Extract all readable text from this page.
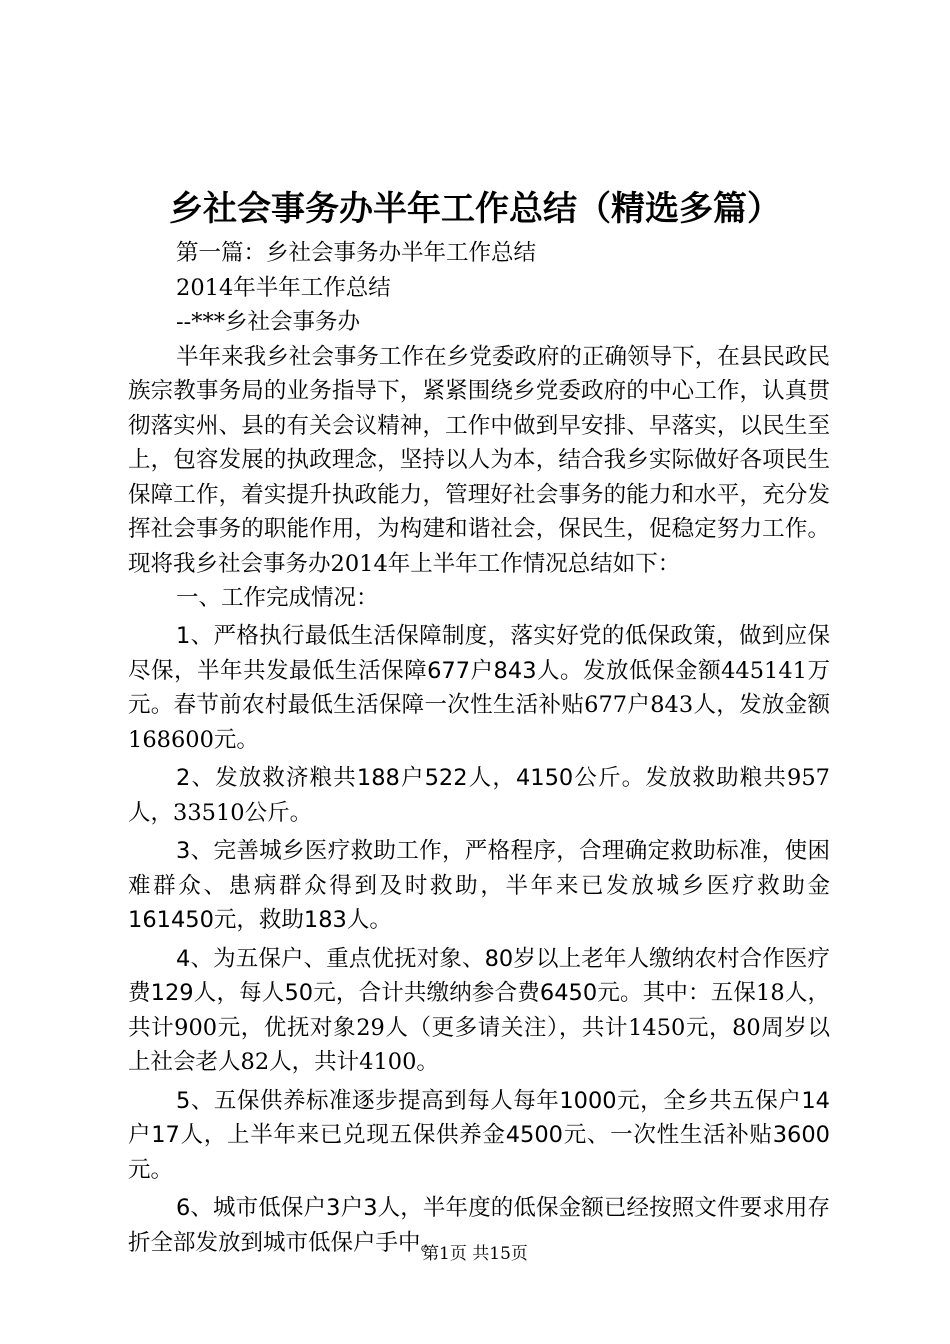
乡社会事务办半年工作总结（精选多篇）

第一篇：乡社会事务办半年工作总结

2014年半年工作总结

--***乡社会事务办

半年来我乡社会事务工作在乡党委政府的正确领导下，在县民政民族宗教事务局的业务指导下，紧紧围绕乡党委政府的中心工作，认真贯彻落实州、县的有关会议精神，工作中做到早安排、早落实，以民生至上，包容发展的执政理念，坚持以人为本，结合我乡实际做好各项民生保障工作，着实提升执政能力，管理好社会事务的能力和水平，充分发挥社会事务的职能作用，为构建和谐社会，保民生，促稳定努力工作。现将我乡社会事务办2014年上半年工作情况总结如下：

一、工作完成情况：

1、严格执行最低生活保障制度，落实好党的低保政策，做到应保尽保，半年共发最低生活保障677户843人。发放低保金额445141万元。春节前农村最低生活保障一次性生活补贴677户843人，发放金额168600元。

2、发放救济粮共188户522人，4150公斤。发放救助粮共957人，33510公斤。

3、完善城乡医疗救助工作，严格程序，合理确定救助标准，使困难群众、患病群众得到及时救助，半年来已发放城乡医疗救助金161450元，救助183人。

4、为五保户、重点优抚对象、80岁以上老年人缴纳农村合作医疗费129人，每人50元，合计共缴纳参合费6450元。其中：五保18人，共计900元，优抚对象29人（更多请关注），共计1450元，80周岁以上社会老人82人，共计4100。

5、五保供养标准逐步提高到每人每年1000元，全乡共五保户14户17人，上半年来已兑现五保供养金4500元、一次性生活补贴3600元。

6、城市低保户3户3人，半年度的低保金额已经按照文件要求用存折全部发放到城市低保户手中。

第1页 共15页
